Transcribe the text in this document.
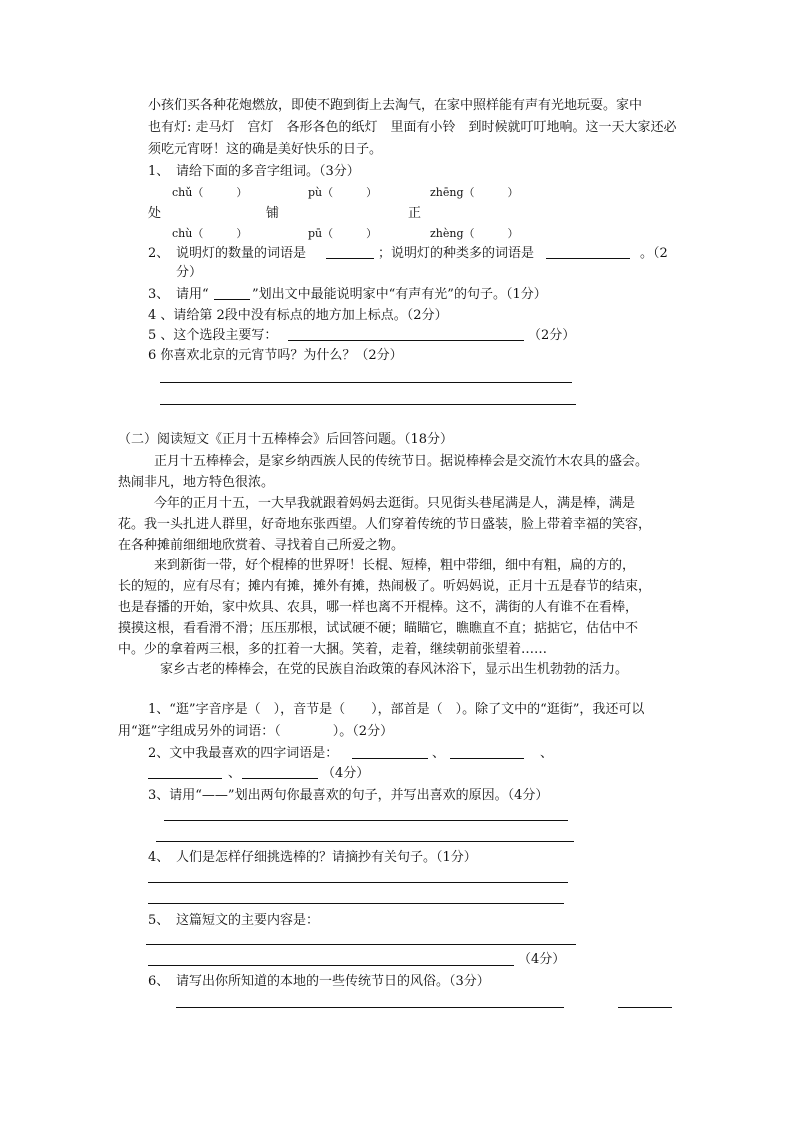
小孩们买各种花炮燃放，即使不跑到街上去淘气，在家中照样能有声有光地玩耍。家中
也有灯: 走马灯　宫灯　各形各色的纸灯　里面有小铃　到时候就叮叮地响。这一天大家还必
须吃元宵呀！这的确是美好快乐的日子。
1、 请给下面的多音字组词。（3分）
chǔ（　　　）	pù（　　　）	zhēng（　　　）
处	铺	正
chù（　　　）	pū（　　　）	zhèng（　　　）
2、 说明灯的数量的词语是	；说明灯的种类多的词语是	。（2
分）
3、 请用“	”划出文中最能说明家中“有声有光”的句子。（1分）
4 、请给第 2段中没有标点的地方加上标点。（2分）
5 、这个选段主要写：	（2分）
6 你喜欢北京的元宵节吗？为什么？（2分）
（二）阅读短文《正月十五棒棒会》后回答问题。（18分）
正月十五棒棒会，是家乡纳西族人民的传统节日。据说棒棒会是交流竹木农具的盛会。
热闹非凡，地方特色很浓。
今年的正月十五，一大早我就跟着妈妈去逛街。只见街头巷尾满是人，满是棒，满是
花。我一头扎进人群里，好奇地东张西望。人们穿着传统的节日盛装，脸上带着幸福的笑容，
在各种摊前细细地欣赏着、寻找着自己所爱之物。
来到新街一带，好个棍棒的世界呀！长棍、短棒，粗中带细，细中有粗，扁的方的，
长的短的，应有尽有；摊内有摊，摊外有摊，热闹极了。听妈妈说，正月十五是春节的结束，
也是春播的开始，家中炊具、农具，哪一样也离不开棍棒。这不，满街的人有谁不在看棒，
摸摸这根，看看滑不滑；压压那根，试试硬不硬；瞄瞄它，瞧瞧直不直；掂掂它，估估中不
中。少的拿着两三根，多的扛着一大捆。笑着，走着，继续朝前张望着……
家乡古老的棒棒会，在党的民族自治政策的春风沐浴下，显示出生机勃勃的活力。
1、“逛”字音序是（　），音节是（　　），部首是（　）。除了文中的“逛街”，我还可以
用“逛”字组成另外的词语：（　　　　）。（2分）
2、文中我最喜欢的四字词语是：	、	、
、	（4分）
3、请用“——”划出两句你最喜欢的句子，并写出喜欢的原因。（4分）
4、 人们是怎样仔细挑选棒的？请摘抄有关句子。（1分）
5、 这篇短文的主要内容是：
（4分）
6、 请写出你所知道的本地的一些传统节日的风俗。（3分）
